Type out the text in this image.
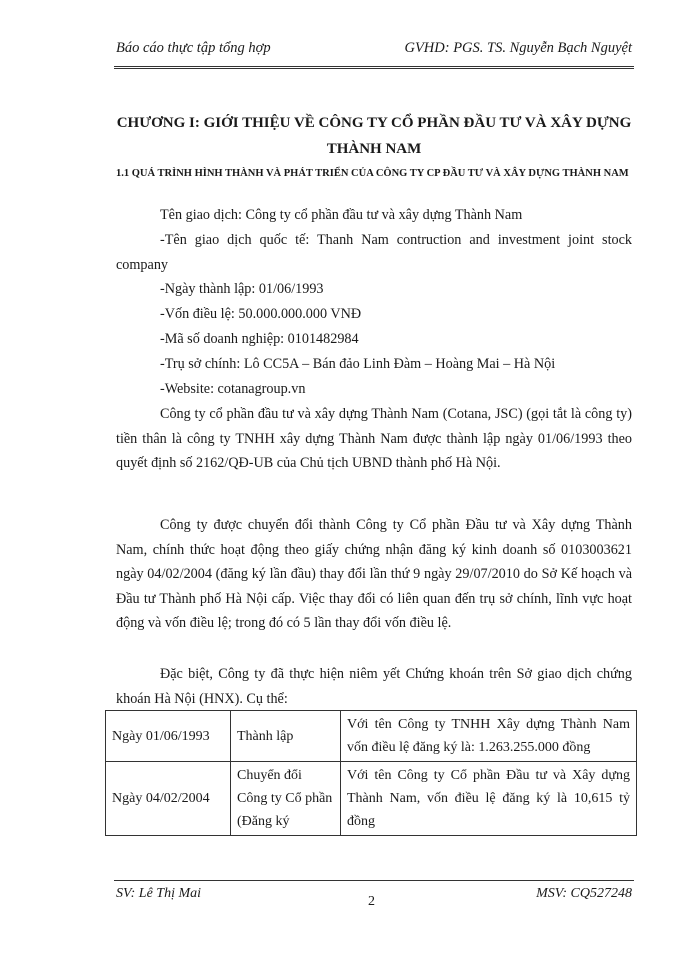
Báo cáo thực tập tổng hợp	GVHD: PGS. TS. Nguyễn Bạch Nguyệt
CHƯƠNG I: GIỚI THIỆU VỀ CÔNG TY CỔ PHẦN ĐẦU TƯ VÀ XÂY DỰNG THÀNH NAM
1.1 QUÁ TRÌNH HÌNH THÀNH VÀ PHÁT TRIỂN CỦA CÔNG TY CP ĐẦU TƯ VÀ XÂY DỰNG THÀNH NAM
Tên giao dịch: Công ty cổ phần đầu tư và xây dựng Thành Nam
-Tên giao dịch quốc tế: Thanh Nam contruction and investment joint stock company
-Ngày thành lập: 01/06/1993
-Vốn điều lệ: 50.000.000.000 VNĐ
-Mã số doanh nghiệp: 0101482984
-Trụ sở chính: Lô CC5A – Bán đảo Linh Đàm – Hoàng Mai – Hà Nội
-Website: cotanagroup.vn
Công ty cổ phần đầu tư và xây dựng Thành Nam (Cotana, JSC) (gọi tắt là công ty) tiền thân là công ty TNHH xây dựng Thành Nam được thành lập ngày 01/06/1993 theo quyết định số 2162/QĐ-UB của Chủ tịch UBND thành phố Hà Nội.
Công ty được chuyển đổi thành Công ty Cổ phần Đầu tư và Xây dựng Thành Nam, chính thức hoạt động theo giấy chứng nhận đăng ký kinh doanh số 0103003621 ngày 04/02/2004 (đăng ký lần đầu) thay đổi lần thứ 9 ngày 29/07/2010 do Sở Kế hoạch và Đầu tư Thành phố Hà Nội cấp. Việc thay đổi có liên quan đến trụ sở chính, lĩnh vực hoạt động và vốn điều lệ; trong đó có 5 lần thay đổi vốn điều lệ.
Đặc biệt, Công ty đã thực hiện niêm yết Chứng khoán trên Sở giao dịch chứng khoán Hà Nội (HNX). Cụ thể:
Ngày 01/06/1993	Thành lập	Với tên Công ty TNHH Xây dựng Thành Nam vốn điều lệ đăng ký là: 1.263.255.000 đồng
Ngày 04/02/2004	Chuyển đổi Công ty Cổ phần (Đăng ký	Với tên Công ty Cổ phần Đầu tư và Xây dựng Thành Nam, vốn điều lệ đăng ký là 10,615 tỷ đồng
SV: Lê Thị Mai
2
MSV: CQ527248
